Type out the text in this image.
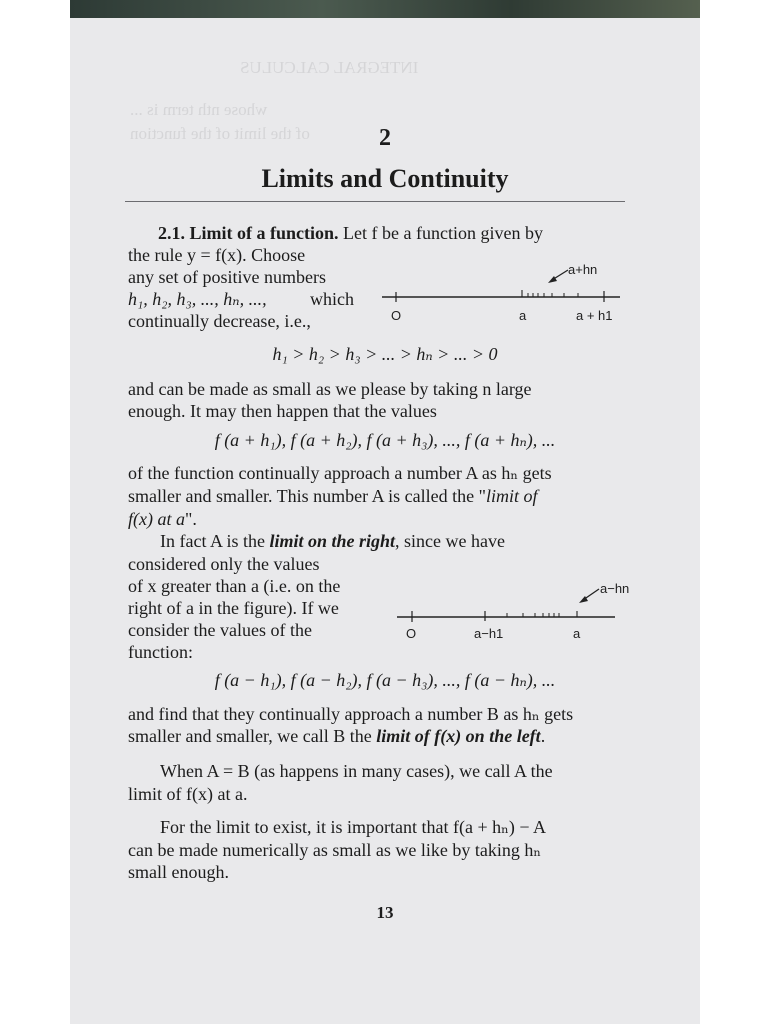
INTEGRAL CALCULUS
whose nth term is ...
of the limit of the function	2
Limits and Continuity
2.1. Limit of a function. Let f be a function given by
the rule y = f(x). Choose
any set of positive numbers
h₁, h₂, h₃, ..., hₙ, ..., which
continually decrease, i.e.,
a+hn
O	a	a + h1
h₁ > h₂ > h₃ > ... > hₙ > ... > 0
and can be made as small as we please by taking n large
enough. It may then happen that the values
f (a + h₁), f (a + h₂), f (a + h₃), ..., f (a + hₙ), ...
of the function continually approach a number A as hₙ gets
smaller and smaller. This number A is called the "limit of
f(x) at a".
In fact A is the limit on the right, since we have
considered only the values
of x greater than a (i.e. on the
right of a in the figure). If we
consider the values of the
function:
a−hn
O	a−h1	a
f (a − h₁), f (a − h₂), f (a − h₃), ..., f (a − hₙ), ...
and find that they continually approach a number B as hₙ gets
smaller and smaller, we call B the limit of f(x) on the left.
When A = B (as happens in many cases), we call A the
limit of f(x) at a.
For the limit to exist, it is important that f(a + hₙ) − A
can be made numerically as small as we like by taking hₙ
small enough.
13
